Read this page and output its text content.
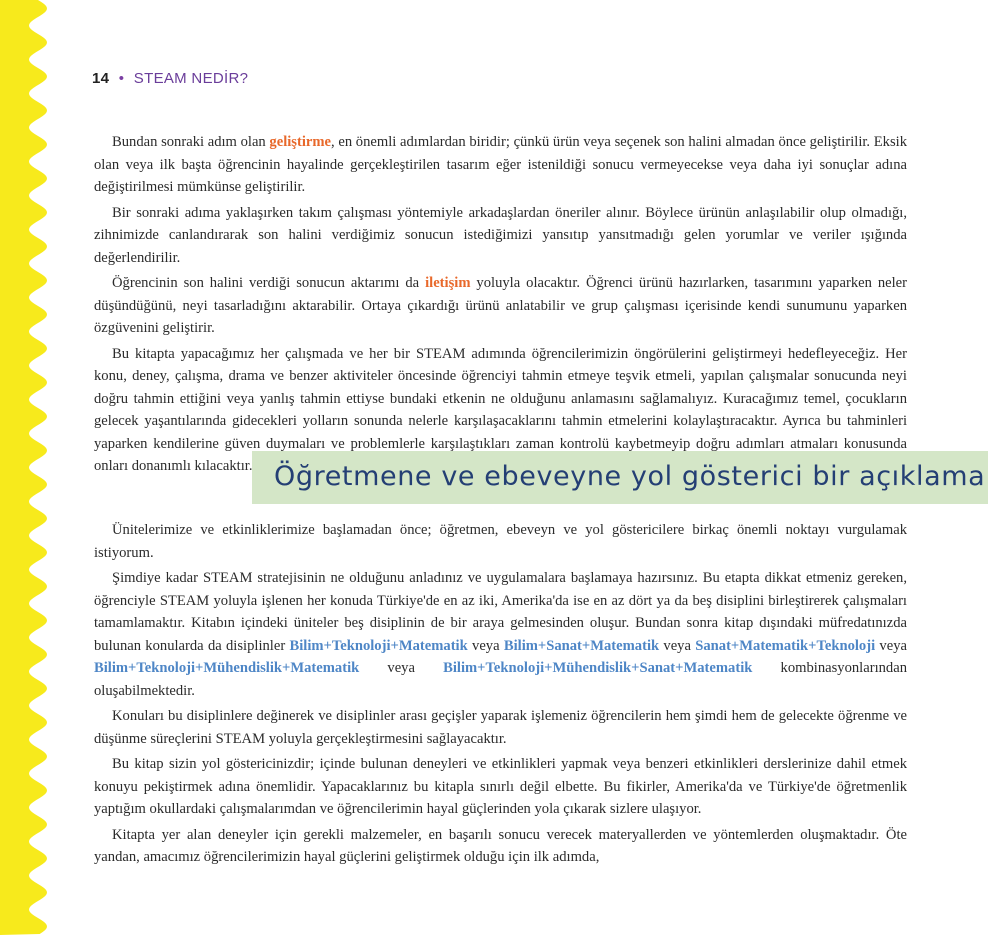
14 • STEAM NEDİR?

Bundan sonraki adım olan geliştirme, en önemli adımlardan biridir; çünkü ürün veya seçenek son halini almadan önce geliştirilir. Eksik olan veya ilk başta öğrencinin hayalinde gerçekleştirilen tasarım eğer istenildiği sonucu vermeyecekse veya daha iyi sonuçlar adına değiştirilmesi mümkünse geliştirilir.

Bir sonraki adıma yaklaşırken takım çalışması yöntemiyle arkadaşlardan öneriler alınır. Böylece ürünün anlaşılabilir olup olmadığı, zihnimizde canlandırarak son halini verdiğimiz sonucun istediğimizi yansıtıp yansıtmadığı gelen yorumlar ve veriler ışığında değerlendirilir.

Öğrencinin son halini verdiği sonucun aktarımı da iletişim yoluyla olacaktır. Öğrenci ürünü hazırlarken, tasarımını yaparken neler düşündüğünü, neyi tasarladığını aktarabilir. Ortaya çıkardığı ürünü anlatabilir ve grup çalışması içerisinde kendi sunumunu yaparken özgüvenini geliştirir.

Bu kitapta yapacağımız her çalışmada ve her bir STEAM adımında öğrencilerimizin öngörülerini geliştirmeyi hedefleyeceğiz. Her konu, deney, çalışma, drama ve benzer aktiviteler öncesinde öğrenciyi tahmin etmeye teşvik etmeli, yapılan çalışmalar sonucunda neyi doğru tahmin ettiğini veya yanlış tahmin ettiyse bundaki etkenin ne olduğunu anlamasını sağlamalıyız. Kuracağımız temel, çocukların gelecek yaşantılarında gidecekleri yolların sonunda nelerle karşılaşacaklarını tahmin etmelerini kolaylaştıracaktır. Ayrıca bu tahminleri yaparken kendilerine güven duymaları ve problemlerle karşılaştıkları zaman kontrolü kaybetmeyip doğru adımları atmaları konusunda onları donanımlı kılacaktır. Öğretmene ve ebeveyne yol gösterici bir açıklama

Ünitelerimize ve etkinliklerimize başlamadan önce; öğretmen, ebeveyn ve yol göstericilere birkaç önemli noktayı vurgulamak istiyorum.

Şimdiye kadar STEAM stratejisinin ne olduğunu anladınız ve uygulamalara başlamaya hazırsınız. Bu etapta dikkat etmeniz gereken, öğrenciyle STEAM yoluyla işlenen her konuda Türkiye'de en az iki, Amerika'da ise en az dört ya da beş disiplini birleştirerek çalışmaları tamamlamaktır. Kitabın içindeki üniteler beş disiplinin de bir araya gelmesinden oluşur. Bundan sonra kitap dışındaki müfredatınızda bulunan konularda da disiplinler Bilim+Teknoloji+Matematik veya Bilim+Sanat+Matematik veya Sanat+Matematik+Teknoloji veya Bilim+Teknoloji+Mühendislik+Matematik veya Bilim+Teknoloji+Mühendislik+Sanat+Matematik kombinasyonlarından oluşabilmektedir.

Konuları bu disiplinlere değinerek ve disiplinler arası geçişler yaparak işlemeniz öğrencilerin hem şimdi hem de gelecekte öğrenme ve düşünme süreçlerini STEAM yoluyla gerçekleştirmesini sağlayacaktır.

Bu kitap sizin yol göstericinizdir; içinde bulunan deneyleri ve etkinlikleri yapmak veya benzeri etkinlikleri derslerinize dahil etmek konuyu pekiştirmek adına önemlidir. Yapacaklarınız bu kitapla sınırlı değil elbette. Bu fikirler, Amerika'da ve Türkiye'de öğretmenlik yaptığım okullardaki çalışmalarımdan ve öğrencilerimin hayal güçlerinden yola çıkarak sizlere ulaşıyor.

Kitapta yer alan deneyler için gerekli malzemeler, en başarılı sonucu verecek materyallerden ve yöntemlerden oluşmaktadır. Öte yandan, amacımız öğrencilerimizin hayal güçlerini geliştirmek olduğu için ilk adımda,
